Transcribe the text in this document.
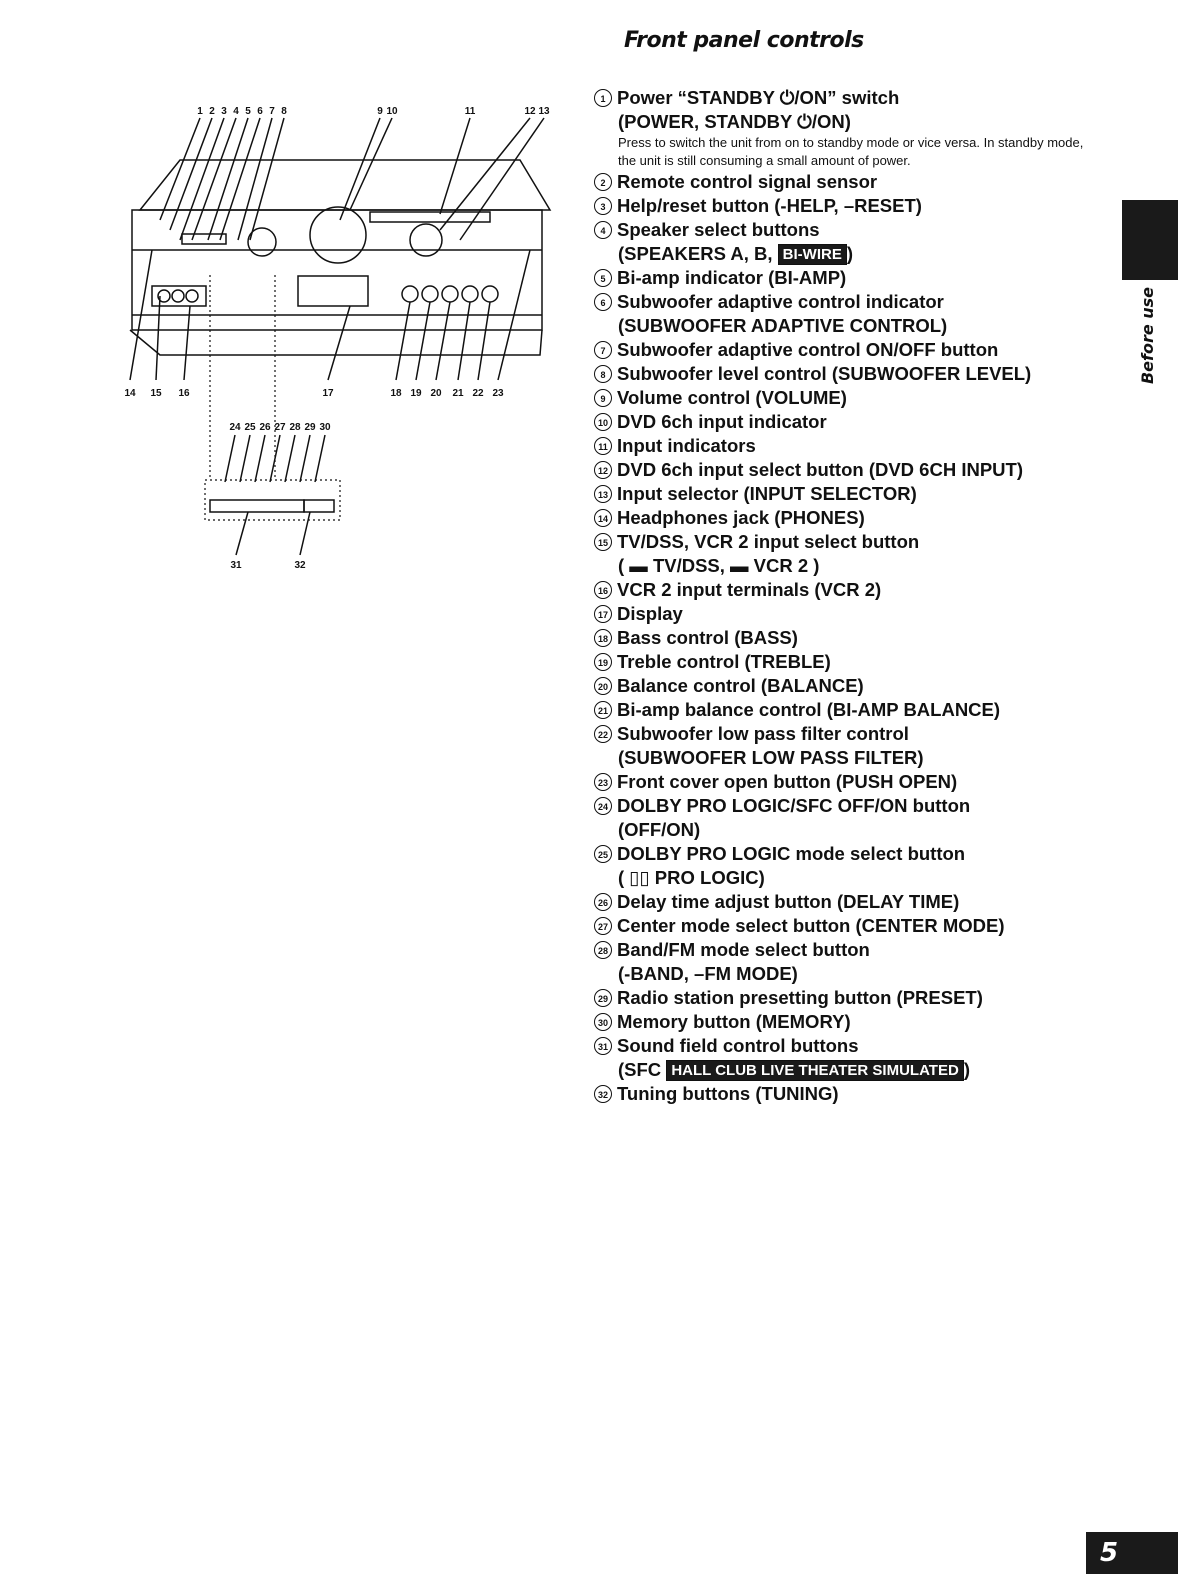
Front panel controls
1 2 3 4 5 6 7 8	9 10	11	12 13
14 15 16	17	18 19 20 21 22 23
24 25 26 27 28 29 30
31	32
1 Power “STANDBY ⏻/ON” switch
(POWER, STANDBY ⏻/ON)
Press to switch the unit from on to standby mode or vice versa. In standby mode, the unit is still consuming a small amount of power.
2 Remote control signal sensor
3 Help/reset button (-HELP, –RESET)
4 Speaker select buttons
(SPEAKERS A, B, BI-WIRE )
5 Bi-amp indicator (BI-AMP)
6 Subwoofer adaptive control indicator
(SUBWOOFER ADAPTIVE CONTROL)
7 Subwoofer adaptive control ON/OFF button
8 Subwoofer level control (SUBWOOFER LEVEL)
9 Volume control (VOLUME)
10 DVD 6ch input indicator
11 Input indicators
12 DVD 6ch input select button (DVD 6CH INPUT)
13 Input selector (INPUT SELECTOR)
14 Headphones jack (PHONES)
15 TV/DSS, VCR 2 input select button
( ▬ TV/DSS, ▬ VCR 2 )
16 VCR 2 input terminals (VCR 2)
17 Display
18 Bass control (BASS)
19 Treble control (TREBLE)
20 Balance control (BALANCE)
21 Bi-amp balance control (BI-AMP BALANCE)
22 Subwoofer low pass filter control
(SUBWOOFER LOW PASS FILTER)
23 Front cover open button (PUSH OPEN)
24 DOLBY PRO LOGIC/SFC OFF/ON button
(OFF/ON)
25 DOLBY PRO LOGIC mode select button
( ▯▯ PRO LOGIC)
26 Delay time adjust button (DELAY TIME)
27 Center mode select button (CENTER MODE)
28 Band/FM mode select button
(-BAND, –FM MODE)
29 Radio station presetting button (PRESET)
30 Memory button (MEMORY)
31 Sound field control buttons
(SFC HALL CLUB LIVE THEATER SIMULATED )
32 Tuning buttons (TUNING)
Before use
5
